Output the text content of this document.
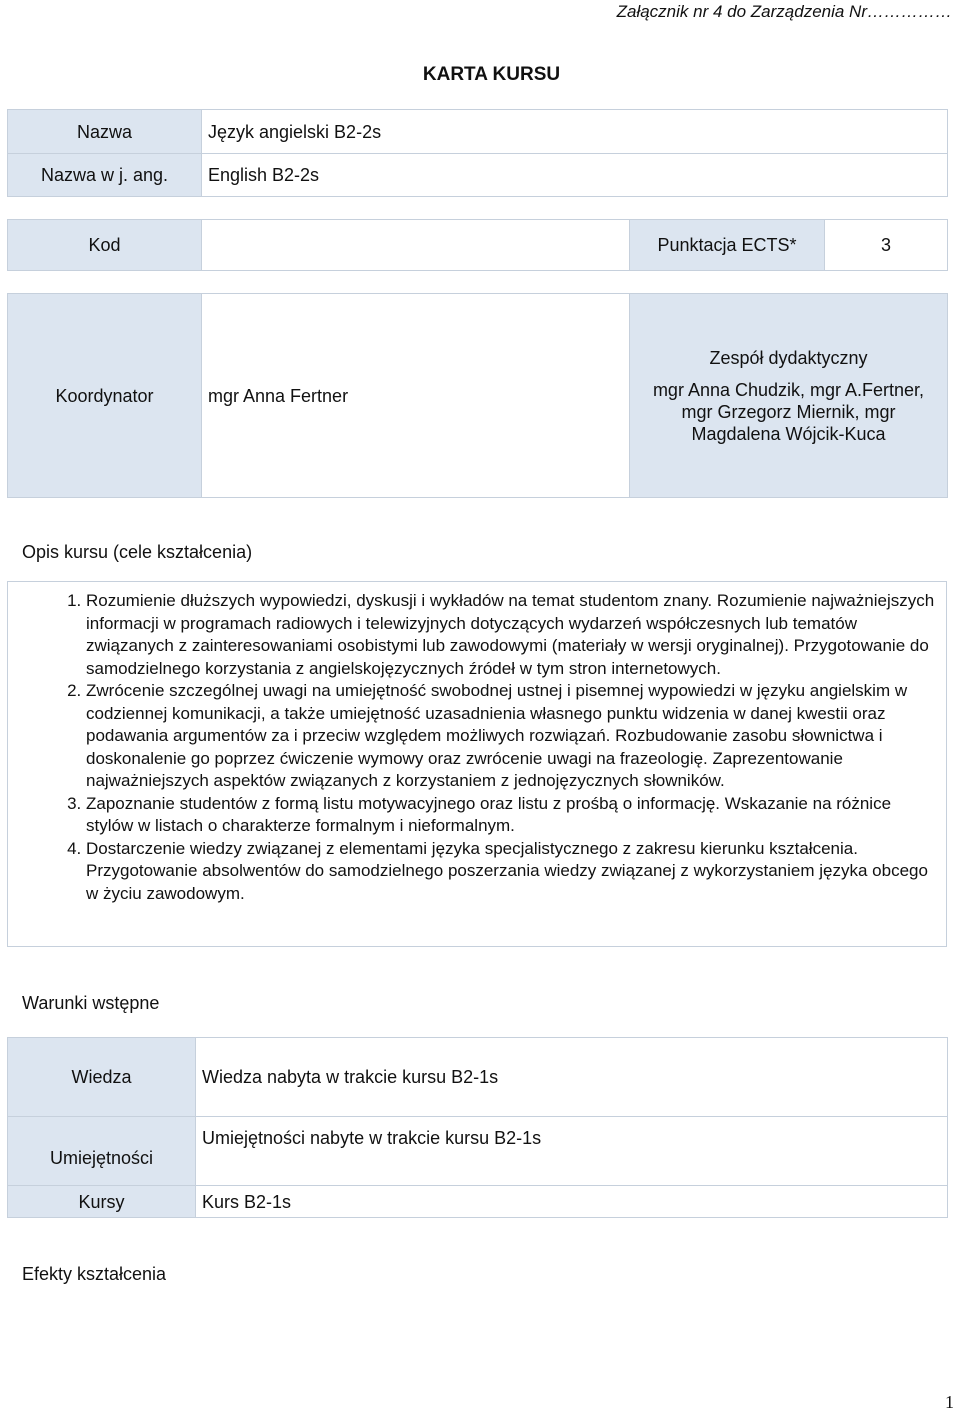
Załącznik nr 4 do Zarządzenia Nr……………
KARTA KURSU
Nazwa	Język angielski B2-2s
Nazwa w j. ang.	English B2-2s
Kod		Punktacja ECTS*	3
Koordynator	mgr Anna Fertner	
Zespół dydaktyczny
mgr Anna Chudzik, mgr A.Fertner, mgr Grzegorz Miernik, mgr Magdalena Wójcik-Kuca
Opis kursu (cele kształcenia)
1. Rozumienie dłuższych wypowiedzi, dyskusji i wykładów na temat studentom znany. Rozumienie najważniejszych informacji w programach radiowych i telewizyjnych dotyczących wydarzeń współczesnych lub tematów związanych z zainteresowaniami osobistymi lub zawodowymi (materiały w wersji oryginalnej). Przygotowanie do samodzielnego korzystania z angielskojęzycznych źródeł w tym stron internetowych.
2. Zwrócenie szczególnej uwagi na umiejętność swobodnej ustnej i pisemnej wypowiedzi w języku angielskim w codziennej komunikacji, a także umiejętność uzasadnienia własnego punktu widzenia w danej kwestii oraz podawania argumentów za i przeciw względem możliwych rozwiązań. Rozbudowanie zasobu słownictwa i doskonalenie go poprzez ćwiczenie wymowy oraz zwrócenie uwagi na frazeologię. Zaprezentowanie najważniejszych aspektów związanych z korzystaniem z jednojęzycznych słowników.
3. Zapoznanie studentów z formą listu motywacyjnego oraz listu z prośbą o informację. Wskazanie na różnice stylów w listach o charakterze formalnym i nieformalnym.
4. Dostarczenie wiedzy związanej z elementami języka specjalistycznego z zakresu kierunku kształcenia. Przygotowanie absolwentów do samodzielnego poszerzania wiedzy związanej z wykorzystaniem języka obcego w życiu zawodowym.
Warunki wstępne
Wiedza	Wiedza nabyta w trakcie kursu B2-1s
Umiejętności	Umiejętności nabyte w trakcie kursu B2-1s
Kursy	Kurs B2-1s
Efekty kształcenia
1
